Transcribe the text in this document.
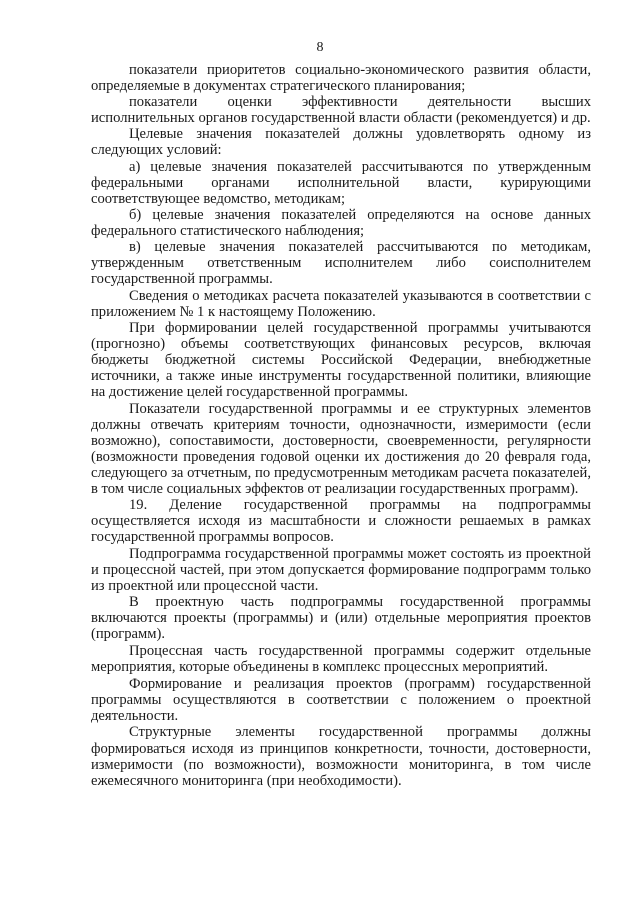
8

показатели приоритетов социально-экономического развития области, определяемые в документах стратегического планирования;

показатели оценки эффективности деятельности высших исполнительных органов государственной власти области (рекомендуется) и др.

Целевые значения показателей должны удовлетворять одному из следующих условий:

а) целевые значения показателей рассчитываются по утвержденным федеральными органами исполнительной власти, курирующими соответствующее ведомство, методикам;

б) целевые значения показателей определяются на основе данных федерального статистического наблюдения;

в) целевые значения показателей рассчитываются по методикам, утвержденным ответственным исполнителем либо соисполнителем государственной программы.

Сведения о методиках расчета показателей указываются в соответствии с приложением № 1 к настоящему Положению.

При формировании целей государственной программы учитываются (прогнозно) объемы соответствующих финансовых ресурсов, включая бюджеты бюджетной системы Российской Федерации, внебюджетные источники, а также иные инструменты государственной политики, влияющие на достижение целей государственной программы.

Показатели государственной программы и ее структурных элементов должны отвечать критериям точности, однозначности, измеримости (если возможно), сопоставимости, достоверности, своевременности, регулярности (возможности проведения годовой оценки их достижения до 20 февраля года, следующего за отчетным, по предусмотренным методикам расчета показателей, в том числе социальных эффектов от реализации государственных программ).

19. Деление государственной программы на подпрограммы осуществляется исходя из масштабности и сложности решаемых в рамках государственной программы вопросов.

Подпрограмма государственной программы может состоять из проектной и процессной частей, при этом допускается формирование подпрограмм только из проектной или процессной части.

В проектную часть подпрограммы государственной программы включаются проекты (программы) и (или) отдельные мероприятия проектов (программ).

Процессная часть государственной программы содержит отдельные мероприятия, которые объединены в комплекс процессных мероприятий.

Формирование и реализация проектов (программ) государственной программы осуществляются в соответствии с положением о проектной деятельности.

Структурные элементы государственной программы должны формироваться исходя из принципов конкретности, точности, достоверности, измеримости (по возможности), возможности мониторинга, в том числе ежемесячного мониторинга (при необходимости).
